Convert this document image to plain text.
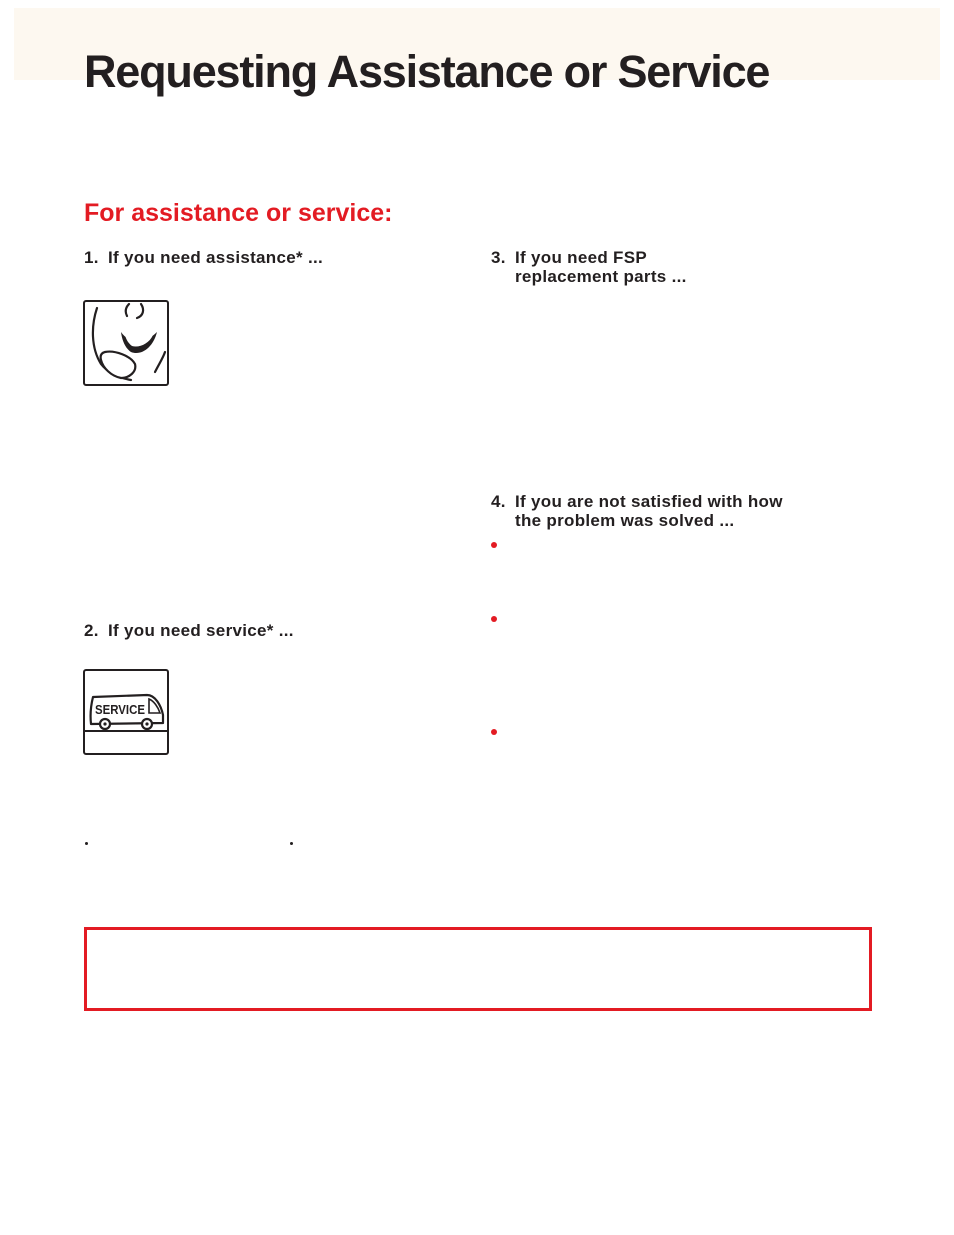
Requesting Assistance or Service
For assistance or service:
1. If you need assistance* ...
2. If you need service* ...
SERVICE
3. If you need FSP
replacement parts ...
4. If you are not satisfied with how
the problem was solved ...
